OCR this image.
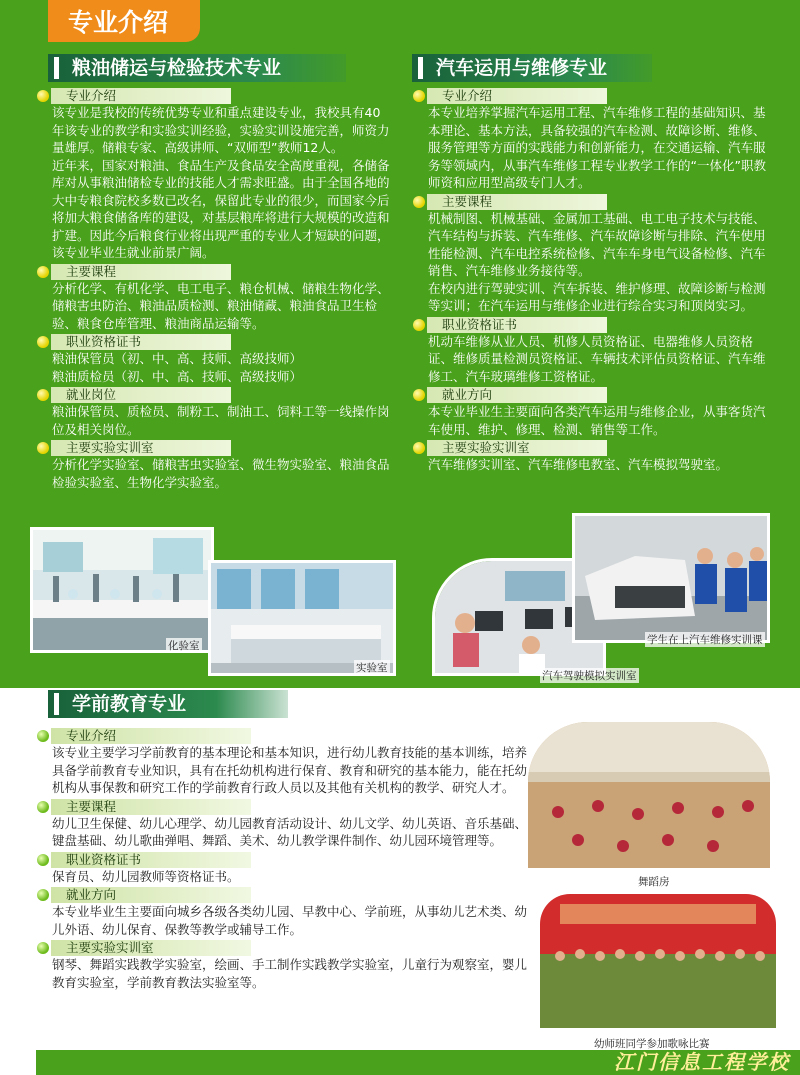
专业介绍
粮油储运与检验技术专业
专业介绍
该专业是我校的传统优势专业和重点建设专业，我校具有40年该专业的教学和实验实训经验，实验实训设施完善，师资力量雄厚。储粮专家、高级讲师、“双师型”教师12人。
近年来，国家对粮油、食品生产及食品安全高度重视，各储备库对从事粮油储检专业的技能人才需求旺盛。由于全国各地的大中专粮食院校多数已改名，保留此专业的很少，而国家今后将加大粮食储备库的建设，对基层粮库将进行大规模的改造和扩建。因此今后粮食行业将出现严重的专业人才短缺的问题，该专业毕业生就业前景广阔。
主要课程
分析化学、有机化学、电工电子、粮仓机械、储粮生物化学、储粮害虫防治、粮油品质检测、粮油储藏、粮油食品卫生检验、粮食仓库管理、粮油商品运输等。
职业资格证书
粮油保管员（初、中、高、技师、高级技师）
粮油质检员（初、中、高、技师、高级技师）
就业岗位
粮油保管员、质检员、制粉工、制油工、饲料工等一线操作岗位及相关岗位。
主要实验实训室
分析化学实验室、储粮害虫实验室、微生物实验室、粮油食品检验实验室、生物化学实验室。
汽车运用与维修专业
专业介绍
本专业培养掌握汽车运用工程、汽车维修工程的基础知识、基本理论、基本方法，具备较强的汽车检测、故障诊断、维修、服务管理等方面的实践能力和创新能力，在交通运输、汽车服务等领域内，从事汽车维修工程专业教学工作的“一体化”职教师资和应用型高级专门人才。
主要课程
机械制图、机械基础、金属加工基础、电工电子技术与技能、汽车结构与拆装、汽车维修、汽车故障诊断与排除、汽车使用性能检测、汽车电控系统检修、汽车车身电气设备检修、汽车销售、汽车维修业务接待等。
在校内进行驾驶实训、汽车拆装、维护修理、故障诊断与检测等实训；在汽车运用与维修企业进行综合实习和顶岗实习。
职业资格证书
机动车维修从业人员、机修人员资格证、电器维修人员资格证、维修质量检测员资格证、车辆技术评估员资格证、汽车维修工、汽车玻璃维修工资格证。
就业方向
本专业毕业生主要面向各类汽车运用与维修企业，从事客货汽车使用、维护、修理、检测、销售等工作。
主要实验实训室
汽车维修实训室、汽车维修电教室、汽车模拟驾驶室。
化验室
实验室
汽车驾驶模拟实训室
学生在上汽车维修实训课
学前教育专业
专业介绍
该专业主要学习学前教育的基本理论和基本知识，进行幼儿教育技能的基本训练，培养具备学前教育专业知识，具有在托幼机构进行保育、教育和研究的基本能力，能在托幼机构从事保教和研究工作的学前教育行政人员以及其他有关机构的教学、研究人才。
主要课程
幼儿卫生保健、幼儿心理学、幼儿园教育活动设计、幼儿文学、幼儿英语、音乐基础、键盘基础、幼儿歌曲弹唱、舞蹈、美术、幼儿教学课件制作、幼儿园环境管理等。
职业资格证书
保育员、幼儿园教师等资格证书。
就业方向
本专业毕业生主要面向城乡各级各类幼儿园、早教中心、学前班，从事幼儿艺术类、幼儿外语、幼儿保育、保教等教学或辅导工作。
主要实验实训室
钢琴、舞蹈实践教学实验室，绘画、手工制作实践教学实验室，儿童行为观察室，婴儿教育实验室，学前教育教法实验室等。
舞蹈房
幼师班同学参加歌咏比赛
江门信息工程学校
